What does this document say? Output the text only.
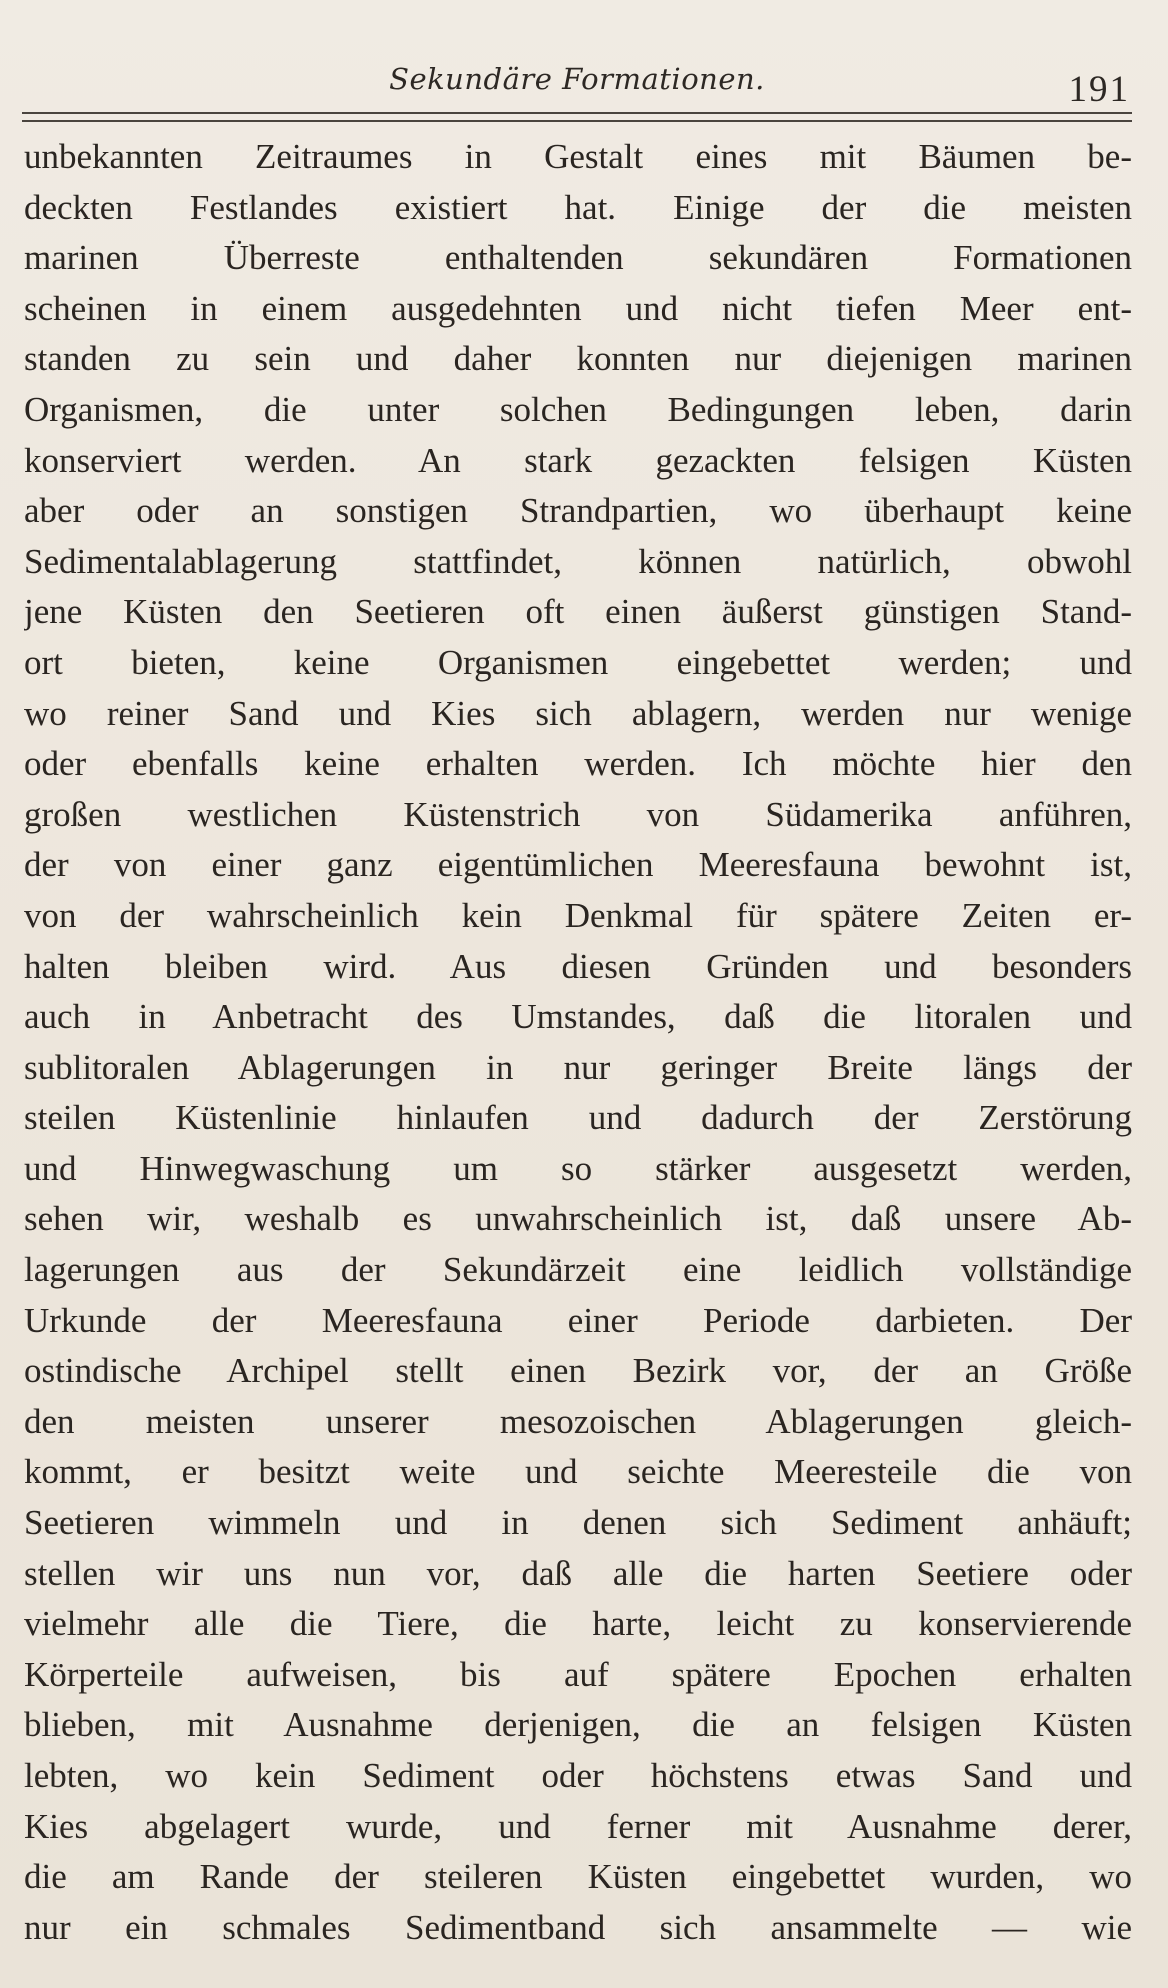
Sekundäre Formationen.	191
unbekannten Zeitraumes in Gestalt eines mit Bäumen be-
deckten Festlandes existiert hat. Einige der die meisten
marinen Überreste enthaltenden sekundären Formationen
scheinen in einem ausgedehnten und nicht tiefen Meer ent-
standen zu sein und daher konnten nur diejenigen marinen
Organismen, die unter solchen Bedingungen leben, darin
konserviert werden. An stark gezackten felsigen Küsten
aber oder an sonstigen Strandpartien, wo überhaupt keine
Sedimentalablagerung stattfindet, können natürlich, obwohl
jene Küsten den Seetieren oft einen äußerst günstigen Stand-
ort bieten, keine Organismen eingebettet werden; und
wo reiner Sand und Kies sich ablagern, werden nur wenige
oder ebenfalls keine erhalten werden. Ich möchte hier den
großen westlichen Küstenstrich von Südamerika anführen,
der von einer ganz eigentümlichen Meeresfauna bewohnt ist,
von der wahrscheinlich kein Denkmal für spätere Zeiten er-
halten bleiben wird. Aus diesen Gründen und besonders
auch in Anbetracht des Umstandes, daß die litoralen und
sublitoralen Ablagerungen in nur geringer Breite längs der
steilen Küstenlinie hinlaufen und dadurch der Zerstörung
und Hinwegwaschung um so stärker ausgesetzt werden,
sehen wir, weshalb es unwahrscheinlich ist, daß unsere Ab-
lagerungen aus der Sekundärzeit eine leidlich vollständige
Urkunde der Meeresfauna einer Periode darbieten. Der
ostindische Archipel stellt einen Bezirk vor, der an Größe
den meisten unserer mesozoischen Ablagerungen gleich-
kommt, er besitzt weite und seichte Meeresteile die von
Seetieren wimmeln und in denen sich Sediment anhäuft;
stellen wir uns nun vor, daß alle die harten Seetiere oder
vielmehr alle die Tiere, die harte, leicht zu konservierende
Körperteile aufweisen, bis auf spätere Epochen erhalten
blieben, mit Ausnahme derjenigen, die an felsigen Küsten
lebten, wo kein Sediment oder höchstens etwas Sand und
Kies abgelagert wurde, und ferner mit Ausnahme derer,
die am Rande der steileren Küsten eingebettet wurden, wo
nur ein schmales Sedimentband sich ansammelte — wie
